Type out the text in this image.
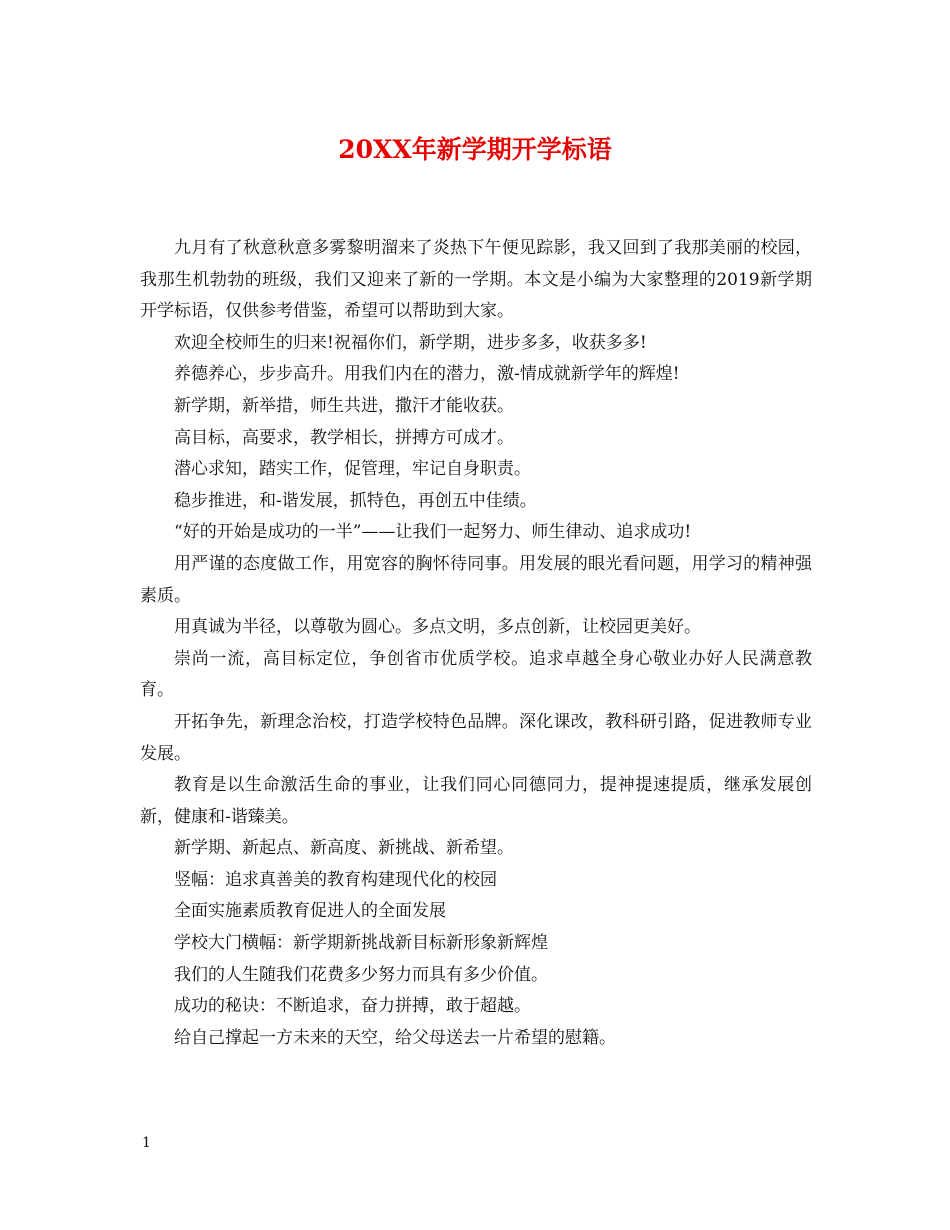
20XX年新学期开学标语

九月有了秋意秋意多雾黎明溜来了炎热下午便见踪影，我又回到了我那美丽的校园，我那生机勃勃的班级，我们又迎来了新的一学期。本文是小编为大家整理的2019新学期开学标语，仅供参考借鉴，希望可以帮助到大家。

欢迎全校师生的归来!祝福你们，新学期，进步多多，收获多多!

养德养心，步步高升。用我们内在的潜力，激-情成就新学年的辉煌!

新学期，新举措，师生共进，撒汗才能收获。

高目标，高要求，教学相长，拼搏方可成才。

潜心求知，踏实工作，促管理，牢记自身职责。

稳步推进，和-谐发展，抓特色，再创五中佳绩。

“好的开始是成功的一半”——让我们一起努力、师生律动、追求成功!

用严谨的态度做工作，用宽容的胸怀待同事。用发展的眼光看问题，用学习的精神强素质。

用真诚为半径，以尊敬为圆心。多点文明，多点创新，让校园更美好。

崇尚一流，高目标定位，争创省市优质学校。追求卓越全身心敬业办好人民满意教育。

开拓争先，新理念治校，打造学校特色品牌。深化课改，教科研引路，促进教师专业发展。

教育是以生命激活生命的事业，让我们同心同德同力，提神提速提质，继承发展创新，健康和-谐臻美。

新学期、新起点、新高度、新挑战、新希望。

竖幅：追求真善美的教育构建现代化的校园

全面实施素质教育促进人的全面发展

学校大门横幅：新学期新挑战新目标新形象新辉煌

我们的人生随我们花费多少努力而具有多少价值。

成功的秘诀：不断追求，奋力拼搏，敢于超越。

给自己撑起一方未来的天空，给父母送去一片希望的慰籍。

1
